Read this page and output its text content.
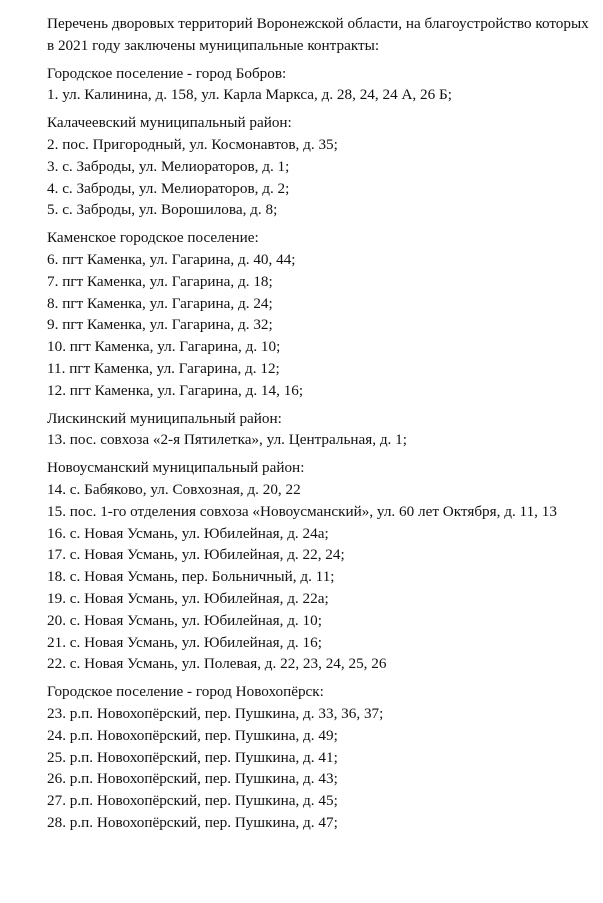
Перечень дворовых территорий Воронежской области, на благоустройство которых в 2021 году заключены муниципальные контракты:

Городское поселение - город Бобров:
1. ул. Калинина, д. 158, ул. Карла Маркса, д. 28, 24, 24 А, 26 Б;
Калачеевский муниципальный район:
2. пос. Пригородный, ул. Космонавтов, д. 35;
3. с. Заброды, ул. Мелиораторов, д. 1;
4. с. Заброды, ул. Мелиораторов, д. 2;
5. с. Заброды, ул. Ворошилова, д. 8;
Каменское городское поселение:
6. пгт Каменка, ул. Гагарина, д. 40, 44;
7. пгт Каменка, ул. Гагарина, д. 18;
8. пгт Каменка, ул. Гагарина, д. 24;
9. пгт Каменка, ул. Гагарина, д. 32;
10. пгт Каменка, ул. Гагарина, д. 10;
11. пгт Каменка, ул. Гагарина, д. 12;
12. пгт Каменка, ул. Гагарина, д. 14, 16;
Лискинский муниципальный район:
13. пос. совхоза «2-я Пятилетка», ул. Центральная, д. 1;
Новоусманский муниципальный район:
14. с. Бабяково, ул. Совхозная, д. 20, 22
15. пос. 1-го отделения совхоза «Новоусманский», ул. 60 лет Октября, д. 11, 13
16. с. Новая Усмань, ул. Юбилейная, д. 24а;
17. с. Новая Усмань, ул. Юбилейная, д. 22, 24;
18. с. Новая Усмань, пер. Больничный, д. 11;
19. с. Новая Усмань, ул. Юбилейная, д. 22а;
20. с. Новая Усмань, ул. Юбилейная, д. 10;
21. с. Новая Усмань, ул. Юбилейная, д. 16;
22. с. Новая Усмань, ул. Полевая, д. 22, 23, 24, 25, 26
Городское поселение - город Новохопёрск:
23. р.п. Новохопёрский, пер. Пушкина, д. 33, 36, 37;
24. р.п. Новохопёрский, пер. Пушкина, д. 49;
25. р.п. Новохопёрский, пер. Пушкина, д. 41;
26. р.п. Новохопёрский, пер. Пушкина, д. 43;
27. р.п. Новохопёрский, пер. Пушкина, д. 45;
28. р.п. Новохопёрский, пер. Пушкина, д. 47;
